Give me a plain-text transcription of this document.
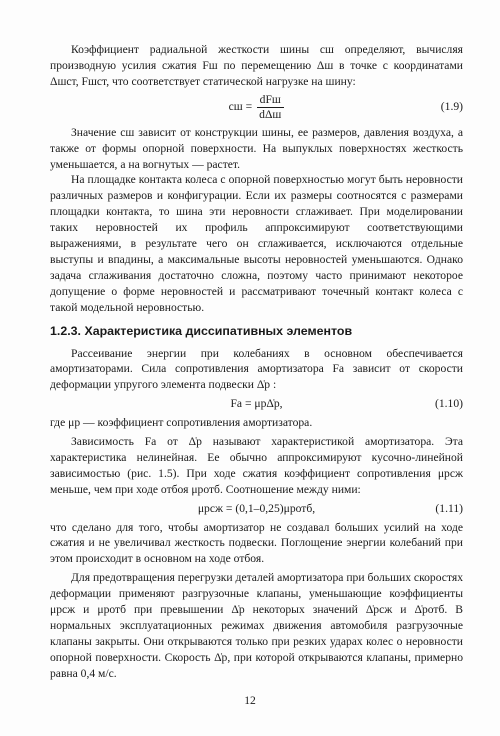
Коэффициент радиальной жесткости шины cш определяют, вычисляя производную усилия сжатия Fш по перемещению Δш в точке с координатами Δшст, Fшст, что соответствует статической нагрузке на шину:

cш = $\frac{\text{dFш}}{\text{dΔш}}$	(1.9)

Значение cш зависит от конструкции шины, ее размеров, давления воздуха, а также от формы опорной поверхности. На выпуклых поверхностях жесткость уменьшается, а на вогнутых — растет.

На площадке контакта колеса с опорной поверхностью могут быть неровности различных размеров и конфигурации. Если их размеры соотносятся с размерами площадки контакта, то шина эти неровности сглаживает. При моделировании таких неровностей их профиль аппроксимируют соответствующими выражениями, в результате чего он сглаживается, исключаются отдельные выступы и впадины, а максимальные высоты неровностей уменьшаются. Однако задача сглаживания достаточно сложна, поэтому часто принимают некоторое допущение о форме неровностей и рассматривают точечный контакт колеса с такой модельной неровностью.

1.2.3. Характеристика диссипативных элементов

Рассеивание энергии при колебаниях в основном обеспечивается амортизаторами. Сила сопротивления амортизатора Fa зависит от скорости деформации упругого элемента подвески Δ̇р :

Fа = μрΔ̇р,	(1.10)

где μр — коэффициент сопротивления амортизатора.

Зависимость Fa от Δ̇р называют характеристикой амортизатора. Эта характеристика нелинейная. Ее обычно аппроксимируют кусочно-линейной зависимостью (рис. 1.5). При ходе сжатия коэффициент сопротивления μрсж меньше, чем при ходе отбоя μротб. Соотношение между ними:

μрсж = (0,1–0,25)μротб,	(1.11)

что сделано для того, чтобы амортизатор не создавал больших усилий на ходе сжатия и не увеличивал жесткость подвески. Поглощение энергии колебаний при этом происходит в основном на ходе отбоя.

Для предотвращения перегрузки деталей амортизатора при больших скоростях деформации применяют разгрузочные клапаны, уменьшающие коэффициенты μрсж и μротб при превышении Δ̇р некоторых значений Δ̇рсж и Δ̇ротб. В нормальных эксплуатационных режимах движения автомобиля разгрузочные клапаны закрыты. Они открываются только при резких ударах колес о неровности опорной поверхности. Скорость Δ̇р, при которой открываются клапаны, примерно равна 0,4 м/с.

12
